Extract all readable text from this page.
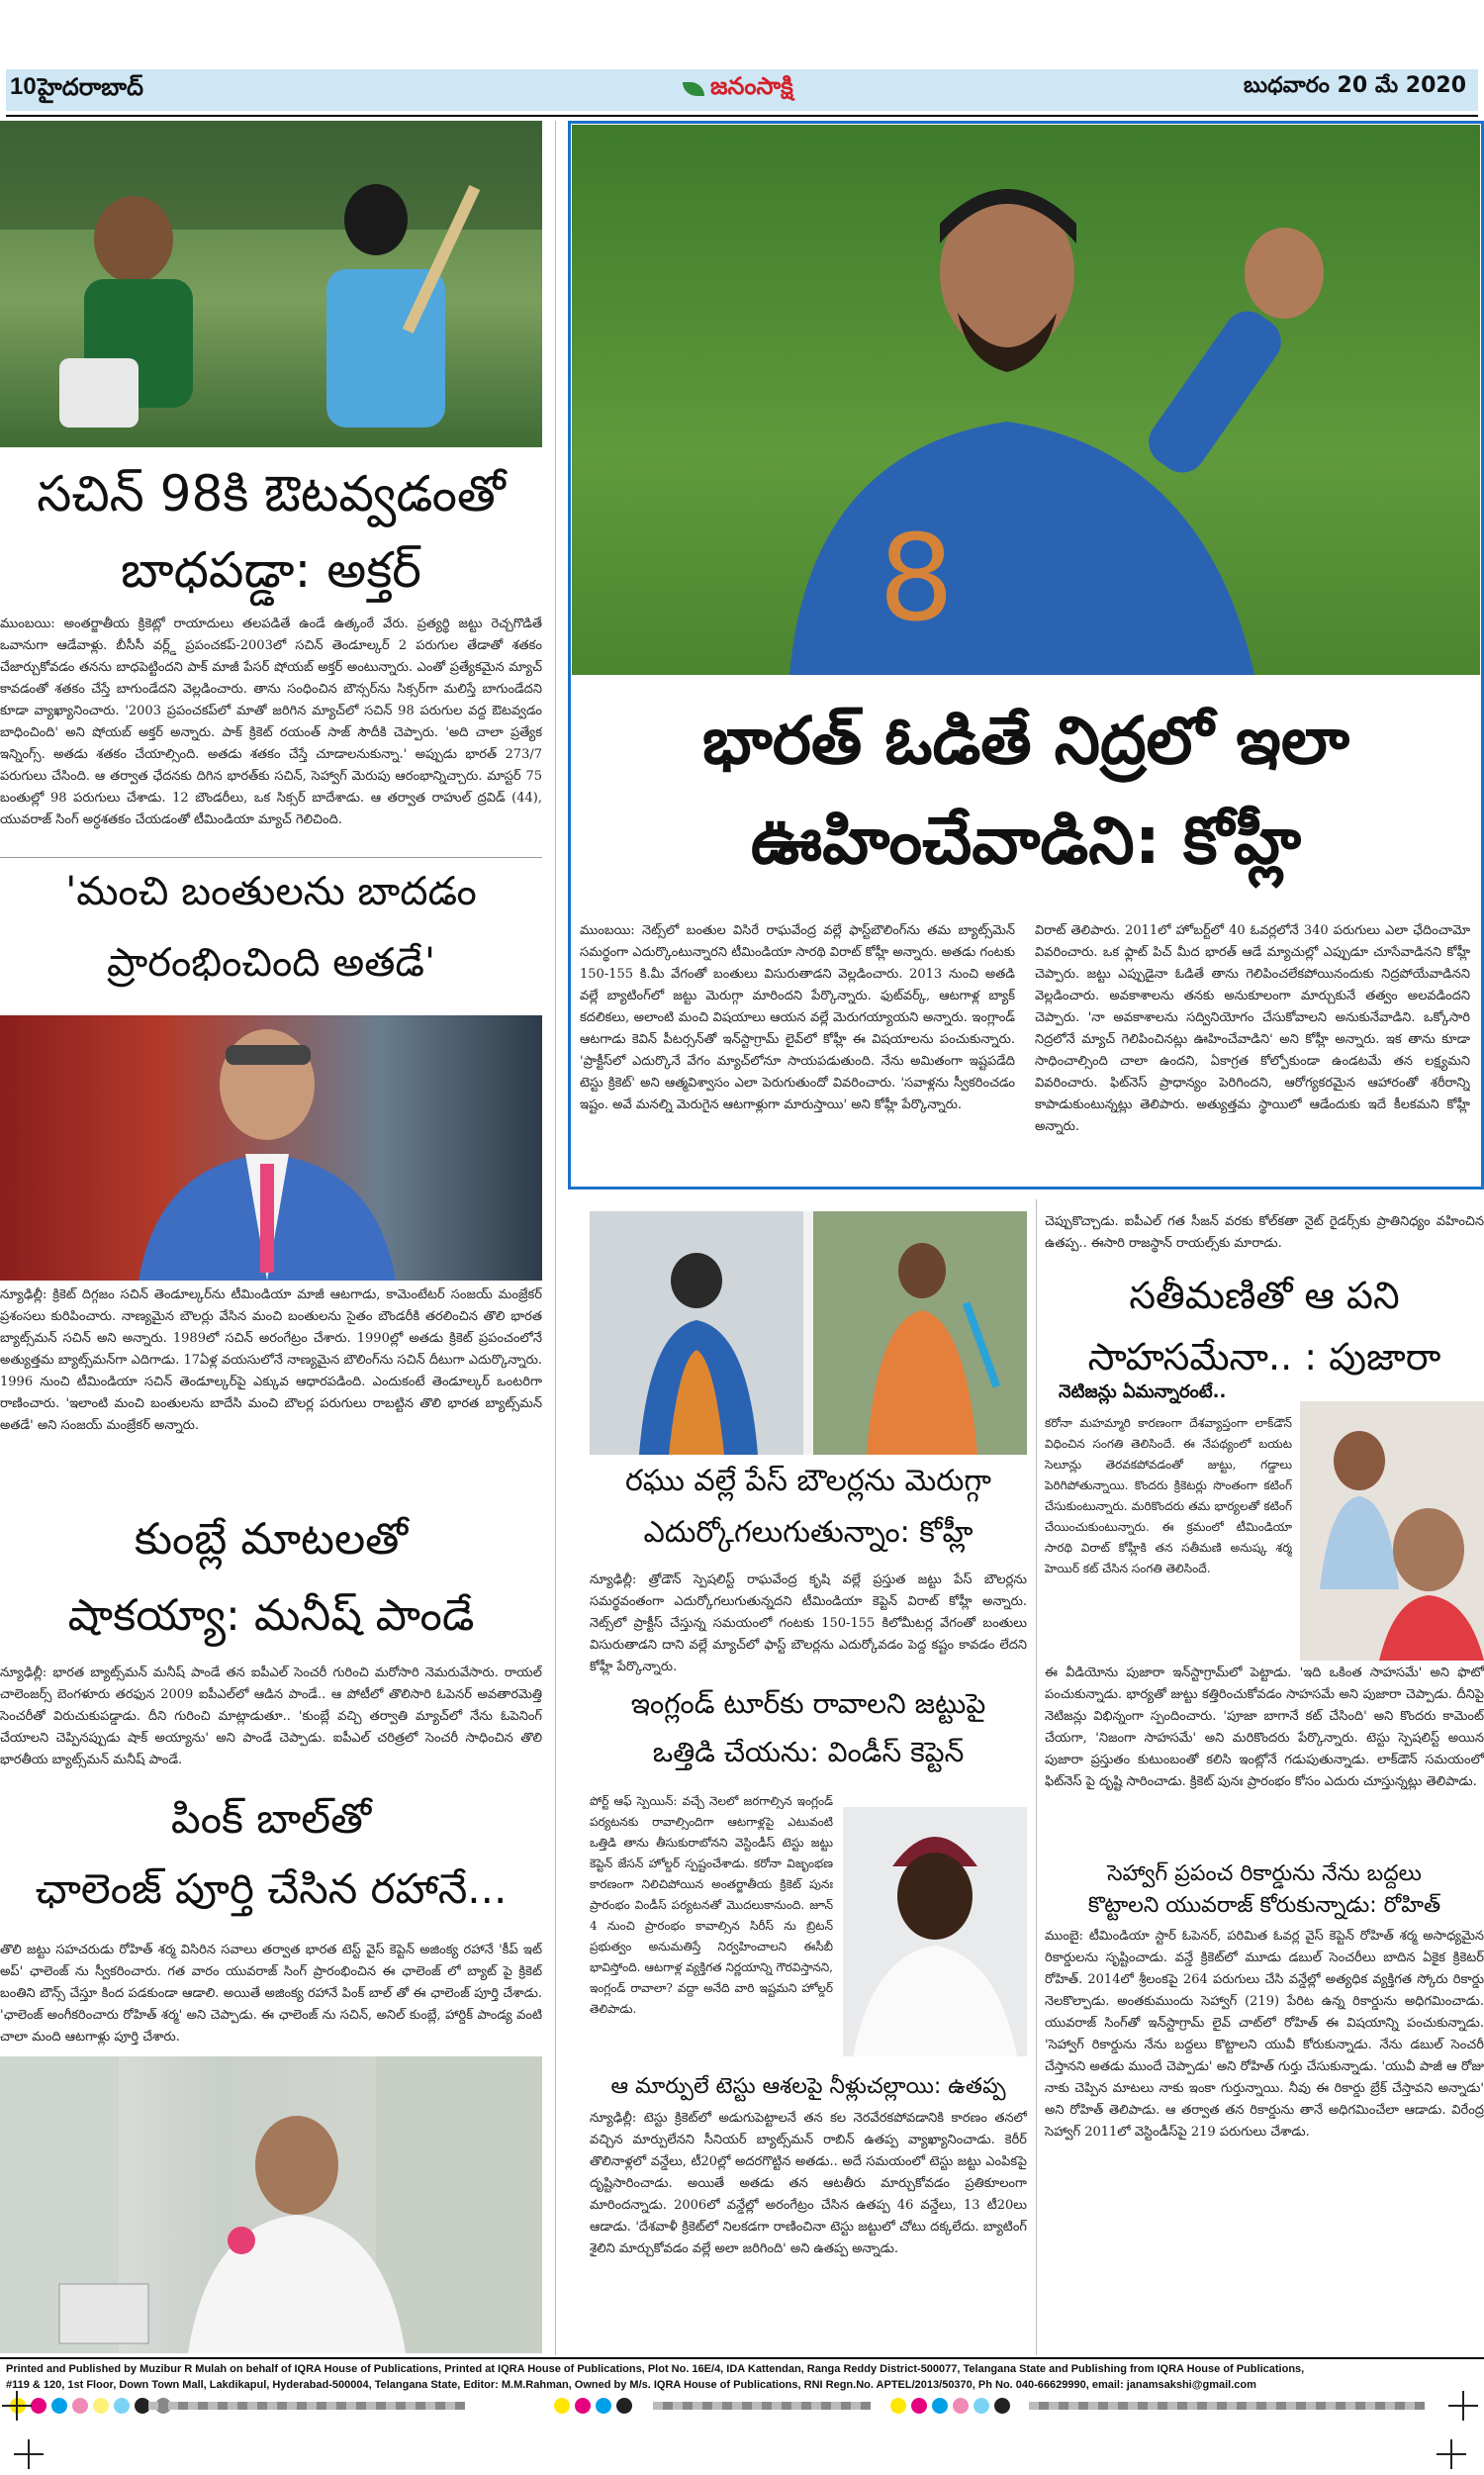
10 హైదరాబాద్	జనంసాక్షి	బుధవారం 20 మే 2020
సచిన్‌ 98కి ఔటవ్వడంతో
బాధపడ్డా: అక్తర్‌
ముంబయి: అంతర్జాతీయ క్రికెట్లో రాయాదులు తలపడితే ఉండే ఉత్కంఠే వేరు. ప్రత్యర్థి జట్టు రెచ్చగొడితే ఒవానుగా ఆడేవాళ్లు. బీసీసీ వర్ల్డ్‌ ప్రపంచకప్‌-2003లో సచిన్‌ తెండూల్కర్‌ 2 పరుగుల తేడాతో శతకం చేజార్చుకోవడం తనను బాధపెట్టిందని పాక్‌ మాజీ పేసర్‌ షోయబ్‌ అక్తర్‌ అంటున్నారు. ఎంతో ప్రత్యేకమైన మ్యాచ్‌ కావడంతో శతకం చేస్తే బాగుండేదని వెల్లడించారు. తాను సంధించిన బౌన్సర్‌ను సిక్సర్‌గా మలిస్తే బాగుండేదని కూడా వ్యాఖ్యానించారు. '2003 ప్రపంచకప్‌లో మాతో జరిగిన మ్యాచ్‌లో సచిన్‌ 98 పరుగుల వద్ద ఔటవ్వడం బాధించింది' అని షోయబ్‌ అక్తర్‌ అన్నారు. పాక్‌ క్రికెట్‌ రయంత్‌ సాజ్‌ సౌదీకి చెప్పారు. 'అది చాలా ప్రత్యేక ఇన్నింగ్స్‌. అతడు శతకం చేయాల్సింది. అతడు శతకం చేస్తే చూడాలనుకున్నా.' అప్పుడు భారత్‌ 273/7 పరుగులు చేసింది. ఆ తర్వాత ఛేదనకు దిగిన భారత్‌కు సచిన్‌, సెహ్వాగ్‌ మెరుపు ఆరంభాన్నిచ్చారు. మాస్టర్‌ 75 బంతుల్లో 98 పరుగులు చేశాడు. 12 బౌండరీలు, ఒక సిక్సర్‌ బాదేశాడు. ఆ తర్వాత రాహుల్‌ ద్రవిడ్‌ (44), యువరాజ్‌ సింగ్‌ అర్ధశతకం చేయడంతో టీమిండియా మ్యాచ్‌ గెలిచింది.
'మంచి బంతులను బాదడం
ప్రారంభించింది అతడే'
న్యూఢిల్లీ: క్రికెట్‌ దిగ్గజం సచిన్‌ తెండూల్కర్‌ను టీమిండియా మాజీ ఆటగాడు, కామెంటేటర్‌ సంజయ్‌ మంజ్రేకర్‌ ప్రశంసలు కురిపించారు. నాణ్యమైన బౌలర్లు వేసిన మంచి బంతులను సైతం బౌండరీకి తరలించిన తొలి భారత బ్యాట్స్‌మన్‌ సచిన్‌ అని అన్నారు. 1989లో సచిన్‌ అరంగేట్రం చేశారు. 1990ల్లో అతడు క్రికెట్‌ ప్రపంచంలోనే అత్యుత్తమ బ్యాట్స్‌మన్‌గా ఎదిగాడు. 17ఏళ్ల వయసులోనే నాణ్యమైన బౌలింగ్‌ను సచిన్‌ దీటుగా ఎదుర్కొన్నారు. 1996 నుంచి టీమిండియా సచిన్‌ తెండూల్కర్‌పై ఎక్కువ ఆధారపడింది. ఎందుకంటే తెండూల్కర్‌ ఒంటరిగా రాణించారు. 'ఇలాంటి మంచి బంతులను బాదేసి మంచి బౌలర్ల పరుగులు రాబట్టిన తొలి భారత బ్యాట్స్‌మన్‌ అతడే' అని సంజయ్‌ మంజ్రేకర్‌ అన్నారు.
కుంబ్లే మాటలతో
షాకయ్యా: మనీష్‌ పాండే
న్యూఢిల్లీ: భారత బ్యాట్స్‌మన్‌ మనీష్‌ పాండే తన ఐపీఎల్‌ సెంచరీ గురించి మరోసారి నెమరువేసారు. రాయల్‌ చాలెంజర్స్‌ బెంగళూరు తరఫున 2009 ఐపీఎల్‌లో ఆడిన పాండే.. ఆ పోటీలో తొలిసారి ఓపెనర్‌ అవతారమెత్తి సెంచరీతో విరుచుకుపడ్డాడు. దీని గురించి మాట్లాడుతూ.. 'కుంబ్లే వచ్చి తర్వాతి మ్యాచ్‌లో నేను ఓపెనింగ్‌ చేయాలని చెప్పినప్పుడు షాక్‌ అయ్యాను' అని పాండే చెప్పాడు. ఐపీఎల్‌ చరిత్రలో సెంచరీ సాధించిన తొలి భారతీయ బ్యాట్స్‌మన్‌ మనీష్‌ పాండే.
పింక్‌ బాల్‌తో
ఛాలెంజ్‌ పూర్తి చేసిన రహానే...
తొలి జట్టు సహచరుడు రోహిత్‌ శర్మ విసిరిన సవాలు తర్వాత భారత టెస్ట్‌ వైస్‌ కెప్టెన్‌ అజింక్య రహానే 'కీప్‌ ఇట్‌ అప్‌' ఛాలెంజ్‌ ను స్వీకరించారు. గత వారం యువరాజ్‌ సింగ్‌ ప్రారంభించిన ఈ ఛాలెంజ్‌ లో బ్యాట్‌ పై క్రికెట్‌ బంతిని బౌన్స్‌ చేస్తూ కింద పడకుండా ఆడాలి. అయితే అజింక్య రహానే పింక్‌ బాల్‌ తో ఈ ఛాలెంజ్‌ పూర్తి చేశాడు. 'ఛాలెంజ్‌ అంగీకరించారు రోహిత్‌ శర్మ' అని చెప్పాడు. ఈ ఛాలెంజ్‌ ను సచిన్‌, అనిల్‌ కుంబ్లే, హార్దిక్‌ పాండ్య వంటి చాలా మంది ఆటగాళ్లు పూర్తి చేశారు.
8
భారత్‌ ఓడితే నిద్రలో ఇలా
ఊహించేవాడిని: కోహ్లీ
ముంబయి: నెట్స్‌లో బంతుల విసిరే రాఘవేంద్ర వల్లే ఫాస్ట్‌బౌలింగ్‌ను తమ బ్యాట్స్‌మెన్‌ సమర్థంగా ఎదుర్కొంటున్నారని టీమిండియా సారథి విరాట్‌ కోహ్లీ అన్నారు. అతడు గంటకు 150-155 కి.మీ వేగంతో బంతులు విసురుతాడని వెల్లడించారు. 2013 నుంచి అతడి వల్లే బ్యాటింగ్‌లో జట్టు మెరుగ్గా మారిందని పేర్కొన్నారు. ఫుట్‌వర్క్‌, ఆటగాళ్ల బ్యాక్‌ కదలికలు, అలాంటి మంచి విషయాలు ఆయన వల్లే మెరుగయ్యాయని అన్నారు. ఇంగ్లాండ్‌ ఆటగాడు కెవిన్‌ పీటర్సన్‌తో ఇన్‌స్టాగ్రామ్‌ లైవ్‌లో కోహ్లీ ఈ విషయాలను పంచుకున్నారు. 'ప్రాక్టీస్‌లో ఎదుర్కొనే వేగం మ్యాచ్‌లోనూ సాయపడుతుంది. నేను అమితంగా ఇష్టపడేది టెస్టు క్రికెట్‌' అని ఆత్మవిశ్వాసం ఎలా పెరుగుతుందో వివరించారు. 'సవాళ్లను స్వీకరించడం ఇష్టం. అవే మనల్ని మెరుగైన ఆటగాళ్లుగా మారుస్తాయి' అని కోహ్లీ పేర్కొన్నారు.
విరాట్‌ తెలిపారు. 2011లో హోబర్ట్‌లో 40 ఓవర్లలోనే 340 పరుగులు ఎలా ఛేదించామో వివరించారు. ఒక ఫ్లాట్‌ పిచ్‌ మీద భారత్‌ ఆడే మ్యాచుల్లో ఎప్పుడూ చూసేవాడినని కోహ్లీ చెప్పారు. జట్టు ఎప్పుడైనా ఓడితే తాను గెలిపించలేకపోయినందుకు నిద్రపోయేవాడినని వెల్లడించారు. అవకాశాలను తనకు అనుకూలంగా మార్చుకునే తత్వం అలవడిందని చెప్పారు. 'నా అవకాశాలను సద్వినియోగం చేసుకోవాలని అనుకునేవాడిని. ఒక్కోసారి నిద్రలోనే మ్యాచ్‌ గెలిపించినట్లు ఊహించేవాడిని' అని కోహ్లీ అన్నారు. ఇక తాను కూడా సాధించాల్సింది చాలా ఉందని, ఏకాగ్రత కోల్పోకుండా ఉండటమే తన లక్ష్యమని వివరించారు. ఫిట్‌నెస్‌ ప్రాధాన్యం పెరిగిందని, ఆరోగ్యకరమైన ఆహారంతో శరీరాన్ని కాపాడుకుంటున్నట్లు తెలిపారు. అత్యుత్తమ స్థాయిలో ఆడేందుకు ఇదే కీలకమని కోహ్లీ అన్నారు.
రఘు వల్లే పేస్‌ బౌలర్లను మెరుగ్గా
ఎదుర్కోగలుగుతున్నాం: కోహ్లీ
న్యూఢిల్లీ: త్రోడౌన్‌ స్పెషలిస్ట్‌ రాఘవేంద్ర కృషి వల్లే ప్రస్తుత జట్టు పేస్‌ బౌలర్లను సమర్థవంతంగా ఎదుర్కోగలుగుతున్నదని టీమిండియా కెప్టెన్‌ విరాట్‌ కోహ్లీ అన్నారు. నెట్స్‌లో ప్రాక్టీస్‌ చేస్తున్న సమయంలో గంటకు 150-155 కిలోమీటర్ల వేగంతో బంతులు విసురుతాడని దాని వల్లే మ్యాచ్‌లో ఫాస్ట్‌ బౌలర్లను ఎదుర్కోవడం పెద్ద కష్టం కావడం లేదని కోహ్లీ పేర్కొన్నారు.
ఇంగ్లండ్‌ టూర్‌కు రావాలని జట్టుపై
ఒత్తిడి చేయను: విండీస్‌ కెప్టెన్‌
పోర్ట్‌ ఆఫ్‌ స్పెయిన్‌: వచ్చే నెలలో జరగాల్సిన ఇంగ్లండ్‌ పర్యటనకు రావాల్సిందిగా ఆటగాళ్లపై ఎటువంటి ఒత్తిడి తాను తీసుకురాబోనని వెస్టిండీస్‌ టెస్టు జట్టు కెప్టెన్‌ జేసన్‌ హోల్డర్‌ స్పష్టంచేశాడు. కరోనా విజృంభణ కారణంగా నిలిచిపోయిన అంతర్జాతీయ క్రికెట్‌ పునః ప్రారంభం విండీస్‌ పర్యటనతో మొదలుకానుంది. జూన్‌ 4 నుంచి ప్రారంభం కావాల్సిన సిరీస్‌ ను బ్రిటన్‌ ప్రభుత్వం అనుమతిస్తే నిర్వహించాలని ఈసీబీ భావిస్తోంది. ఆటగాళ్ల వ్యక్తిగత నిర్ణయాన్ని గౌరవిస్తానని, ఇంగ్లండ్‌ రావాలా? వద్దా అనేది వారి ఇష్టమని హోల్డర్‌ తెలిపాడు.
ఆ మార్పులే టెస్టు ఆశలపై నీళ్లుచల్లాయి: ఉతప్ప
న్యూఢిల్లీ: టెస్టు క్రికెట్‌లో అడుగుపెట్టాలనే తన కల నెరవేరకపోవడానికి కారణం తనలో వచ్చిన మార్పులేనని సీనియర్‌ బ్యాట్స్‌మన్‌ రాబిన్‌ ఉతప్ప వ్యాఖ్యానించాడు. కెరీర్‌ తొలినాళ్లలో వన్డేలు, టీ20ల్లో అదరగొట్టిన అతడు.. అదే సమయంలో టెస్టు జట్టు ఎంపికపై దృష్టిసారించాడు. అయితే అతడు తన ఆటతీరు మార్చుకోవడం ప్రతికూలంగా మారిందన్నాడు. 2006లో వన్డేల్లో అరంగేట్రం చేసిన ఉతప్ప 46 వన్డేలు, 13 టీ20లు ఆడాడు. 'దేశవాళీ క్రికెట్‌లో నిలకడగా రాణించినా టెస్టు జట్టులో చోటు దక్కలేదు. బ్యాటింగ్‌ శైలిని మార్చుకోవడం వల్లే అలా జరిగింది' అని ఉతప్ప అన్నాడు.
చెప్పుకొచ్చాడు. ఐపీఎల్‌ గత సీజన్‌ వరకు కోల్‌కతా నైట్‌ రైడర్స్‌కు ప్రాతినిధ్యం వహించిన ఉతప్ప.. ఈసారి రాజస్థాన్‌ రాయల్స్‌కు మారాడు.
సతీమణితో ఆ పని
సాహసమేనా.. : పుజారా
నెటిజన్లు ఏమన్నారంటే..
కరోనా మహమ్మారి కారణంగా దేశవ్యాప్తంగా లాక్‌డౌన్‌ విధించిన సంగతి తెలిసిందే. ఈ నేపథ్యంలో బయట సెలూన్లు తెరవకపోవడంతో జుట్టు, గడ్డాలు పెరిగిపోతున్నాయి. కొందరు క్రికెటర్లు సొంతంగా కటింగ్‌ చేసుకుంటున్నారు. మరికొందరు తమ భార్యలతో కటింగ్‌ చేయించుకుంటున్నారు. ఈ క్రమంలో టీమిండియా సారథి విరాట్‌ కోహ్లీకి తన సతీమణి అనుష్క శర్మ హెయిర్‌ కట్‌ చేసిన సంగతి తెలిసిందే.
ఈ వీడియోను పుజారా ఇన్‌స్టాగ్రామ్‌లో పెట్టాడు. 'ఇది ఒకింత సాహసమే' అని ఫొటో పంచుకున్నాడు. భార్యతో జుట్టు కత్తిరించుకోవడం సాహసమే అని పుజారా చెప్పాడు. దీనిపై నెటిజన్లు విభిన్నంగా స్పందించారు. 'పూజా బాగానే కట్‌ చేసింది' అని కొందరు కామెంట్‌ చేయగా, 'నిజంగా సాహసమే' అని మరికొందరు పేర్కొన్నారు. టెస్టు స్పెషలిస్ట్‌ అయిన పుజారా ప్రస్తుతం కుటుంబంతో కలిసి ఇంట్లోనే గడుపుతున్నాడు. లాక్‌డౌన్‌ సమయంలో ఫిట్‌నెస్‌ పై దృష్టి సారించాడు. క్రికెట్‌ పునః ప్రారంభం కోసం ఎదురు చూస్తున్నట్లు తెలిపాడు.
సెహ్వాగ్‌ ప్రపంచ రికార్డును నేను బద్దలు
కొట్టాలని యువరాజ్‌ కోరుకున్నాడు: రోహిత్‌
ముంబై: టీమిండియా స్టార్‌ ఓపెనర్‌, పరిమిత ఓవర్ల వైస్‌ కెప్టెన్‌ రోహిత్‌ శర్మ అసాధ్యమైన రికార్డులను సృష్టించాడు. వన్డే క్రికెట్‌లో మూడు డబుల్‌ సెంచరీలు బాదిన ఏకైక క్రికెటర్‌ రోహిత్‌. 2014లో శ్రీలంకపై 264 పరుగులు చేసి వన్డేల్లో అత్యధిక వ్యక్తిగత స్కోరు రికార్డు నెలకొల్పాడు. అంతకుముందు సెహ్వాగ్‌ (219) పేరిట ఉన్న రికార్డును అధిగమించాడు. యువరాజ్‌ సింగ్‌తో ఇన్‌స్టాగ్రామ్‌ లైవ్‌ చాట్‌లో రోహిత్‌ ఈ విషయాన్ని పంచుకున్నాడు. 'సెహ్వాగ్‌ రికార్డును నేను బద్దలు కొట్టాలని యువీ కోరుకున్నాడు. నేను డబుల్‌ సెంచరీ చేస్తానని అతడు ముందే చెప్పాడు' అని రోహిత్‌ గుర్తు చేసుకున్నాడు. 'యువీ పాజీ ఆ రోజు నాకు చెప్పిన మాటలు నాకు ఇంకా గుర్తున్నాయి. నీవు ఈ రికార్డు బ్రేక్‌ చేస్తావని అన్నాడు' అని రోహిత్‌ తెలిపాడు. ఆ తర్వాత తన రికార్డును తానే అధిగమించేలా ఆడాడు. విరేంద్ర సెహ్వాగ్‌ 2011లో వెస్టిండీస్‌పై 219 పరుగులు చేశాడు.
Printed and Published by Muzibur R Mulah on behalf of IQRA House of Publications, Printed at IQRA House of Publications, Plot No. 16E/4, IDA Kattendan, Ranga Reddy District-500077, Telangana State and Publishing from IQRA House of Publications,
#119 & 120, 1st Floor, Down Town Mall, Lakdikapul, Hyderabad-500004, Telangana State, Editor: M.M.Rahman, Owned by M/s. IQRA House of Publications, RNI Regn.No. APTEL/2013/50370, Ph No. 040-66629990, email: janamsakshi@gmail.com
